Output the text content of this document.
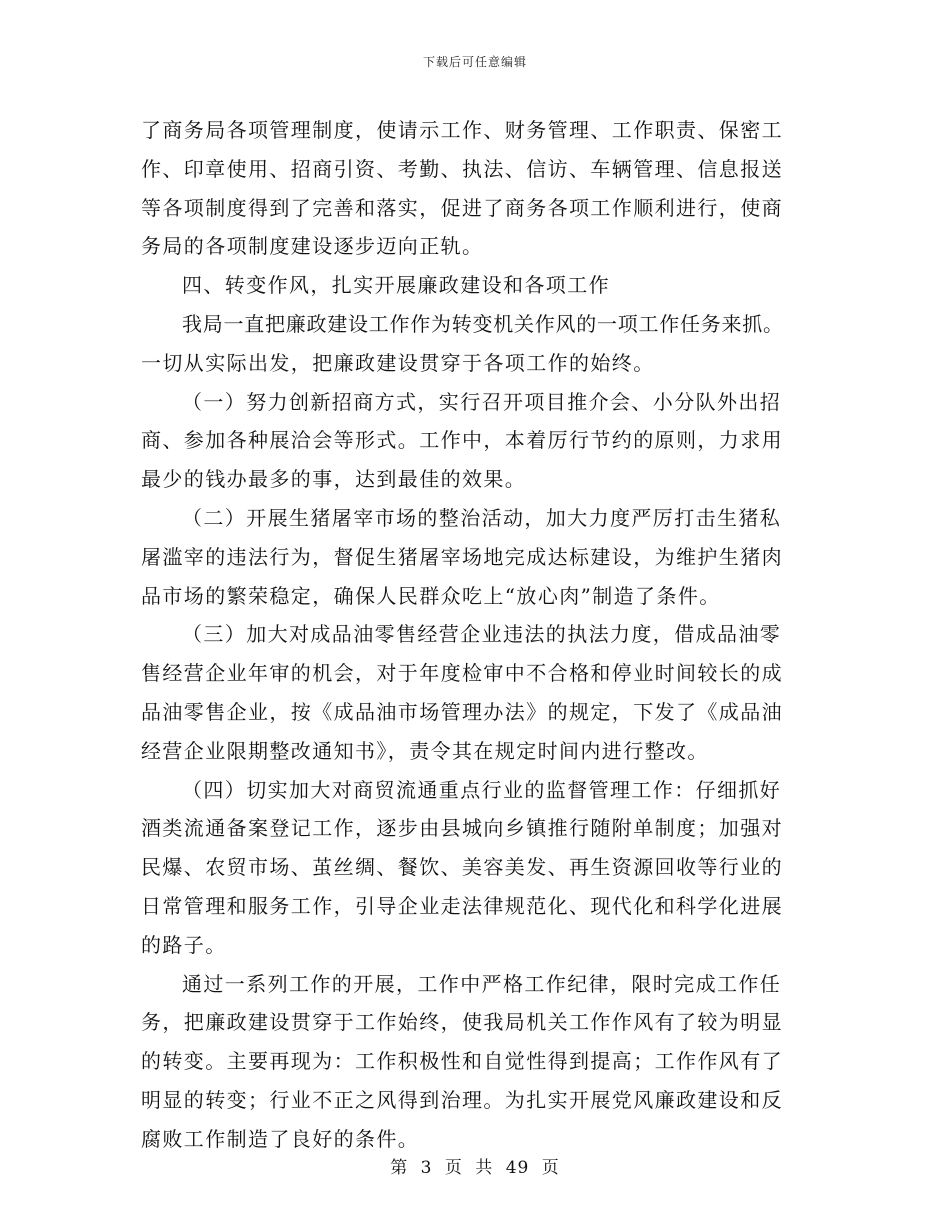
下载后可任意编辑
了商务局各项管理制度，使请示工作、财务管理、工作职责、保密工
作、印章使用、招商引资、考勤、执法、信访、车辆管理、信息报送
等各项制度得到了完善和落实，促进了商务各项工作顺利进行，使商
务局的各项制度建设逐步迈向正轨。
四、转变作风，扎实开展廉政建设和各项工作
我局一直把廉政建设工作作为转变机关作风的一项工作任务来抓。
一切从实际出发，把廉政建设贯穿于各项工作的始终。
（一）努力创新招商方式，实行召开项目推介会、小分队外出招
商、参加各种展洽会等形式。工作中，本着厉行节约的原则，力求用
最少的钱办最多的事，达到最佳的效果。
（二）开展生猪屠宰市场的整治活动，加大力度严厉打击生猪私
屠滥宰的违法行为，督促生猪屠宰场地完成达标建设，为维护生猪肉
品市场的繁荣稳定，确保人民群众吃上“放心肉”制造了条件。
（三）加大对成品油零售经营企业违法的执法力度，借成品油零
售经营企业年审的机会，对于年度检审中不合格和停业时间较长的成
品油零售企业，按《成品油市场管理办法》的规定，下发了《成品油
经营企业限期整改通知书》，责令其在规定时间内进行整改。
（四）切实加大对商贸流通重点行业的监督管理工作：仔细抓好
酒类流通备案登记工作，逐步由县城向乡镇推行随附单制度；加强对
民爆、农贸市场、茧丝绸、餐饮、美容美发、再生资源回收等行业的
日常管理和服务工作，引导企业走法律规范化、现代化和科学化进展
的路子。
通过一系列工作的开展，工作中严格工作纪律，限时完成工作任
务，把廉政建设贯穿于工作始终，使我局机关工作作风有了较为明显
的转变。主要再现为：工作积极性和自觉性得到提高；工作作风有了
明显的转变；行业不正之风得到治理。为扎实开展党风廉政建设和反
腐败工作制造了良好的条件。
第 3 页 共 49 页
